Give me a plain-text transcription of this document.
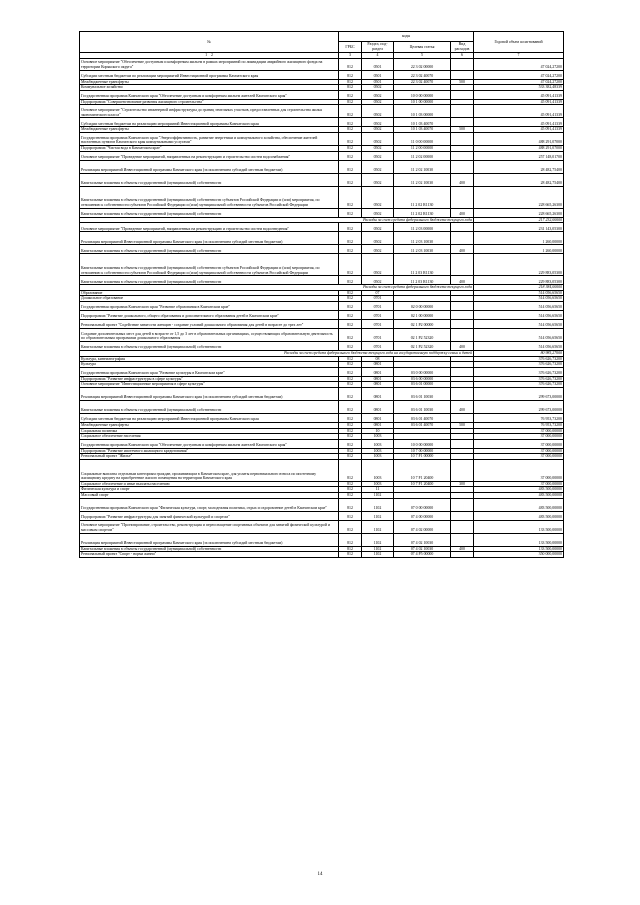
№	коды				Годовой объем ассигнований
	ГРБС	Раздел, под-раздел	Целевая статья	Вид расходов	
1 2	3	4	5	6	7
Основное мероприятие "Обеспечение доступным и комфортным жильем в рамках мероприятий по ликвидации аварийного жилищного фонда на территории Корякского округа"	812	0501	22 3 02 00000		47 024,27200
Субсидии местным бюджетам по реализации мероприятий Инвестиционной программы Камчатского края	812	0501	22 3 02 40070		47 024,27200
Межбюджетные трансферты	812	0501	22 3 02 40070	500	47 024,27200
Коммунальное хозяйство	812	0502			533 382,48339
Государственная программа Камчатского края "Обеспечение доступным и комфортным жильем жителей Камчатского края"	812	0502	10 0 00 00000		45 091,41339
Подпрограмма "Совершенствование развития жилищного строительства"	812	0502	10 1 00 00000		45 091,41339
Основное мероприятие "Строительство инженерной инфраструктуры до границ земельных участков, предоставленных для строительства жилья экономического класса"	812	0502	10 1 03 00000		45 091,41339
Субсидии местным бюджетам на реализацию мероприятий Инвестиционной программы Камчатского края	812	0502	10 1 03 40070		45 091,41339
Межбюджетные трансферты	812	0502	10 1 03 40070	500	45 091,41339
Государственная программа Камчатского края "Энергоэффективность, развитие энергетики и коммунального хозяйства, обеспечение жителей населенных пунктов Камчатского края коммунальными услугами"	812	0502	11 0 00 00000		488 291,07000
Подпрограмма "Чистая вода в Камчатском крае"	812	0502	11 2 00 00000		488 291,07000
Основное мероприятие "Проведение мероприятий, направленных на реконструкцию и строительство систем водоснабжения"	812	0502	11 2 02 00000		257 148,01700
Реализация мероприятий Инвестиционной программы Камчатского края (за исключением субсидий местным бюджетам)	812	0502	11 2 02 10030		28 482,75400
Капитальные вложения в объекты государственной (муниципальной) собственности	812	0502	11 2 02 10030	400	28 482,75400
Капитальные вложения в объекты государственной (муниципальной) собственности субъектов Российской Федерации и (или) мероприятия, по отношению к собственности субъектов Российской Федерации и (или) муниципальной собственности субъектов Российской Федерации	812	0502	11 2 02 R1130		228 665,26300
Капитальные вложения в объекты государственной (муниципальной) собственности	812	0502	11 2 02 R1130	400	228 665,26300
Расходы за счет средств федерального бюджета текущего года					217 232,00000
Основное мероприятие "Проведение мероприятий, направленных на реконструкцию и строительство систем водоотведения"	812	0502	11 2 03 00000		231 143,05300
Реализация мероприятий Инвестиционной программы Камчатского края (за исключением субсидий местным бюджетам)	812	0502	11 2 03 10030		1 260,00000
Капитальные вложения в объекты государственной (муниципальной) собственности	812	0502	11 2 03 10030	400	1 260,00000
Капитальные вложения в объекты государственной (муниципальной) собственности субъектов Российской Федерации и (или) мероприятия, по отношению к собственности субъектов Российской Федерации и (или) муниципальной собственности субъектов Российской Федерации	812	0502	11 2 03 R1130		229 883,05300
Капитальные вложения в объекты государственной (муниципальной) собственности	812	0502	11 2 03 R1130	400	229 883,05300
Расходы за счет средств федерального бюджета текущего года					218 384,00000
Образование	812	07			514 056,65650
Дошкольное образование	812	0701			514 056,65650
Государственная программа Камчатского края "Развитие образования в Камчатском крае"	812	0701	02 0 00 00000		514 056,65650
Подпрограмма "Развитие дошкольного, общего образования и дополнительного образования детей в Камчатском крае"	812	0701	02 1 00 00000		514 056,65650
Региональный проект "Содействие занятости женщин - создание условий дошкольного образования для детей в возрасте до трех лет"	812	0701	02 1 P2 00000		514 056,65650
Создание дополнительных мест для детей в возрасте от 1,5 до 3 лет в образовательных организациях, осуществляющих образовательную деятельность по образовательным программам дошкольного образования	812	0701	02 1 P2 52320		514 056,65650
Капитальные вложения в объекты государственной (муниципальной) собственности	812	0701	02 1 P2 52320	400	514 056,65650
Расходы за счет средств федерального бюджета текущего года на государственную поддержку семьи и детей					80 985,27000
Культура, кинематография	812	08			376 626,73200
Культура	812	0801			376 626,73200
Государственная программа Камчатского края "Развитие культуры в Камчатском крае"	812	0801	03 0 00 00000		376 626,73200
Подпрограмма "Развитие инфраструктуры в сфере культуры"	812	0801	03 6 00 00000		376 626,73200
Основное мероприятие "Инвестиционные мероприятия в сфере культуры"	812	0801	03 6 01 00000		376 626,73200
Реализация мероприятий Инвестиционной программы Камчатского края (за исключением субсидий местным бюджетам)	812	0801	03 6 01 10030		299 673,00000
Капитальные вложения в объекты государственной (муниципальной) собственности	812	0801	03 6 01 10030	400	299 673,00000
Субсидии местным бюджетам на реализацию мероприятий Инвестиционной программы Камчатского края	812	0801	03 6 01 40070		76 953,73200
Межбюджетные трансферты	812	0801	03 6 01 40070	500	76 953,73200
Социальная политика	812	10			37 000,00000
Социальное обеспечение населения	812	1003			37 000,00000
Государственная программа Камчатского края "Обеспечение доступным и комфортным жильем жителей Камчатского края"	812	1003	10 0 00 00000		37 000,00000
Подпрограмма "Развитие ипотечного жилищного кредитования"	812	1003	10 7 00 00000		37 000,00000
Региональный проект "Жилье"	812	1003	10 7 F1 00000		37 000,00000
Социальные выплаты отдельным категориям граждан, проживающим в Камчатском крае, для уплаты первоначального взноса по ипотечному жилищному кредиту на приобретение жилого помещения на территории Камчатского края	812	1003	10 7 F1 20400		37 000,00000
Социальное обеспечение и иные выплаты населению	812	1003	10 7 F1 20400	300	37 000,00000
Физическая культура и спорт	812	11			483 500,00000
Массовый спорт	812	1102			483 500,00000
Государственная программа Камчатского края "Физическая культура, спорт, молодежная политика, отдых и оздоровление детей в Камчатском крае"	812	1102	07 0 00 00000		483 500,00000
Подпрограмма "Развитие инфраструктуры для занятий физической культурой и спортом"	812	1102	07 4 00 00000		483 500,00000
Основное мероприятие "Проектирование, строительство, реконструкция и переоснащение спортивных объектов для занятий физической культурой и массовым спортом"	812	1102	07 4 02 00000		133 500,00000
Реализация мероприятий Инвестиционной программы Камчатского края (за исключением субсидий местным бюджетам)	812	1102	07 4 02 10030		133 500,00000
Капитальные вложения в объекты государственной (муниципальной) собственности	812	1102	07 4 02 10030	400	133 500,00000
Региональный проект "Спорт - норма жизни"	812	1102	07 4 P5 00000		350 000,00000
14
